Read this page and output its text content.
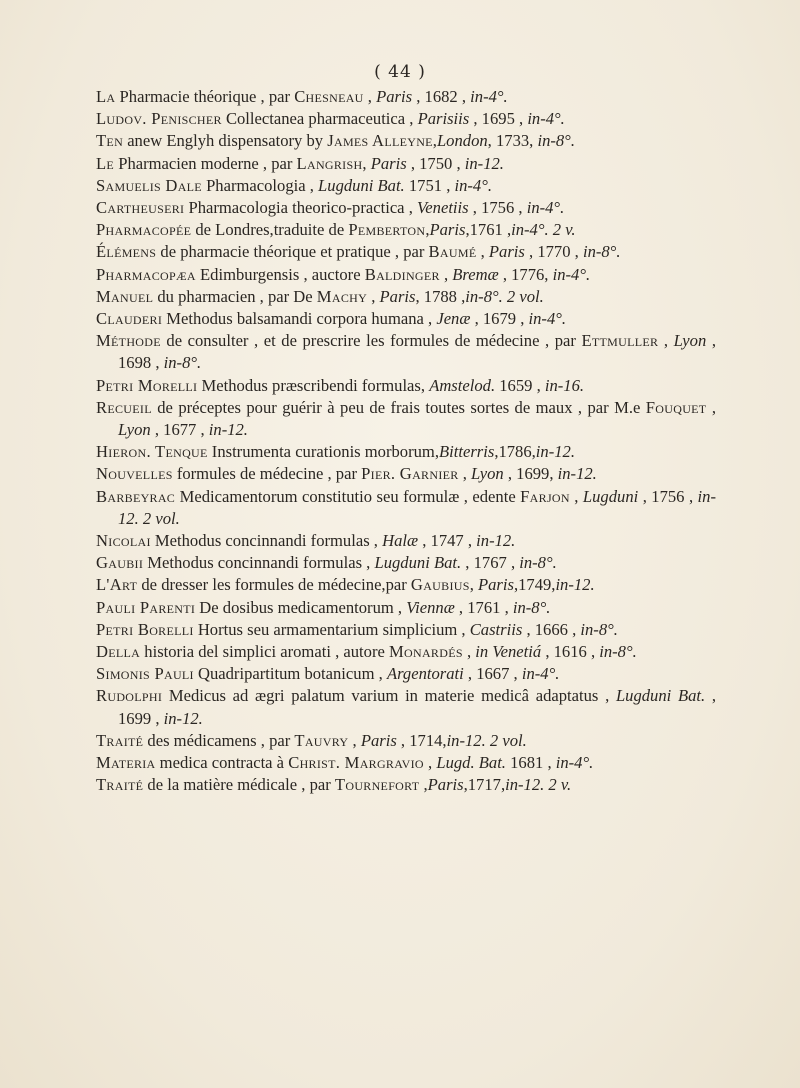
( 44 )

La Pharmacie théorique , par Chesneau , Paris , 1682 , in-4°.

Ludov. Penischer Collectanea pharmaceutica , Parisiis , 1695 , in-4°.

Ten anew Englyh dispensatory by James Alleyne,London, 1733, in-8°.

Le Pharmacien moderne , par Langrish, Paris , 1750 , in-12.

Samuelis Dale Pharmacologia , Lugduni Bat. 1751 , in-4°.

Cartheuseri Pharmacologia theorico-practica , Venetiis , 1756 , in-4°.

Pharmacopée de Londres,traduite de Pemberton,Paris,1761 ,in-4°. 2 v.

Élémens de pharmacie théorique et pratique , par Baumé , Paris , 1770 , in-8°.

Pharmacopæa Edimburgensis , auctore Baldinger , Bremæ , 1776, in-4°.

Manuel du pharmacien , par De Machy , Paris, 1788 ,in-8°. 2 vol.

Clauderi Methodus balsamandi corpora humana , Jenæ , 1679 , in-4°.

Méthode de consulter , et de prescrire les formules de médecine , par Ettmuller , Lyon , 1698 , in-8°.

Petri Morelli Methodus præscribendi formulas, Amstelod. 1659 , in-16.

Recueil de préceptes pour guérir à peu de frais toutes sortes de maux , par M.e Fouquet , Lyon , 1677 , in-12.

Hieron. Tenque Instrumenta curationis morborum,Bitterris,1786,in-12.

Nouvelles formules de médecine , par Pier. Garnier , Lyon , 1699, in-12.

Barbeyrac Medicamentorum constitutio seu formulæ , edente Farjon , Lugduni , 1756 , in-12. 2 vol.

Nicolai Methodus concinnandi formulas , Halæ , 1747 , in-12.

Gaubii Methodus concinnandi formulas , Lugduni Bat. , 1767 , in-8°.

L'Art de dresser les formules de médecine,par Gaubius, Paris,1749,in-12.

Pauli Parenti De dosibus medicamentorum , Viennæ , 1761 , in-8°.

Petri Borelli Hortus seu armamentarium simplicium , Castriis , 1666 , in-8°.

Della historia del simplici aromati , autore Monardés , in Venetiá , 1616 , in-8°.

Simonis Pauli Quadripartitum botanicum , Argentorati , 1667 , in-4°.

Rudolphi Medicus ad ægri palatum varium in materie medicâ adaptatus , Lugduni Bat. , 1699 , in-12.

Traité des médicamens , par Tauvry , Paris , 1714,in-12. 2 vol.

Materia medica contracta à Christ. Margravio , Lugd. Bat. 1681 , in-4°.

Traité de la matière médicale , par Tournefort ,Paris,1717,in-12. 2 v.
